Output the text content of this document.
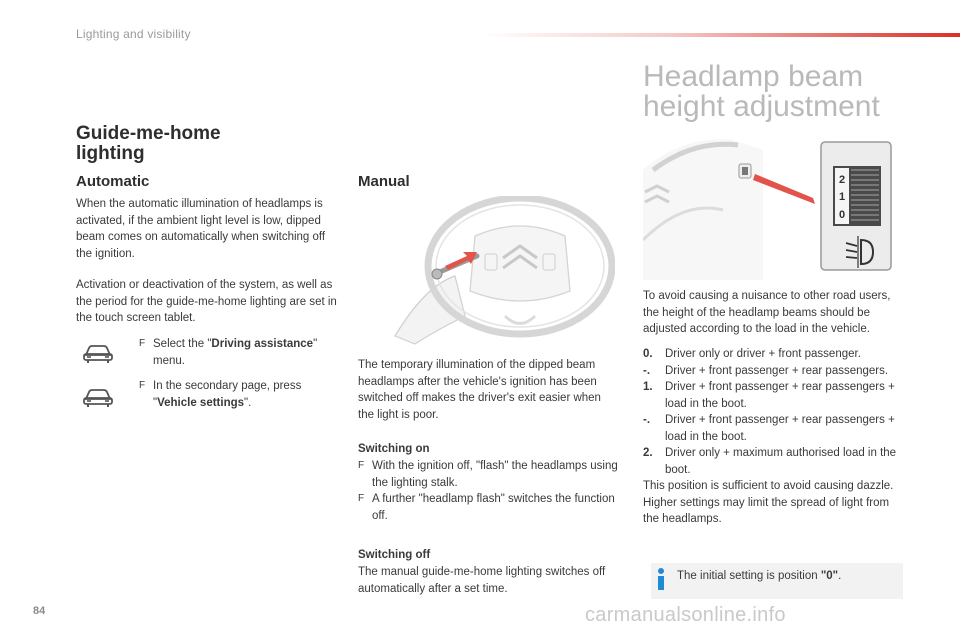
Lighting and visibility
Guide-me-home lighting
Automatic
When the automatic illumination of headlamps is activated, if the ambient light level is low, dipped beam comes on automatically when switching off the ignition.
Activation or deactivation of the system, as well as the period for the guide-me-home lighting are set in the touch screen tablet.
F Select the "Driving assistance" menu.
F In the secondary page, press "Vehicle settings".
Manual
The temporary illumination of the dipped beam headlamps after the vehicle's ignition has been switched off makes the driver's exit easier when the light is poor.
Switching on
F With the ignition off, "flash" the headlamps using the lighting stalk.
F A further "headlamp flash" switches the function off.
Switching off
The manual guide-me-home lighting switches off automatically after a set time.
Headlamp beam
height adjustment
2
1
0
To avoid causing a nuisance to other road users, the height of the headlamp beams should be adjusted according to the load in the vehicle.
0.	Driver only or driver + front passenger.
-.	Driver + front passenger + rear passengers.
1.	Driver + front passenger + rear passengers + load in the boot.
-.	Driver + front passenger + rear passengers + load in the boot.
2.	Driver only + maximum authorised load in the boot.
This position is sufficient to avoid causing dazzle. Higher settings may limit the spread of light from the headlamps.
The initial setting is position "0".
84	carmanualsonline.info
